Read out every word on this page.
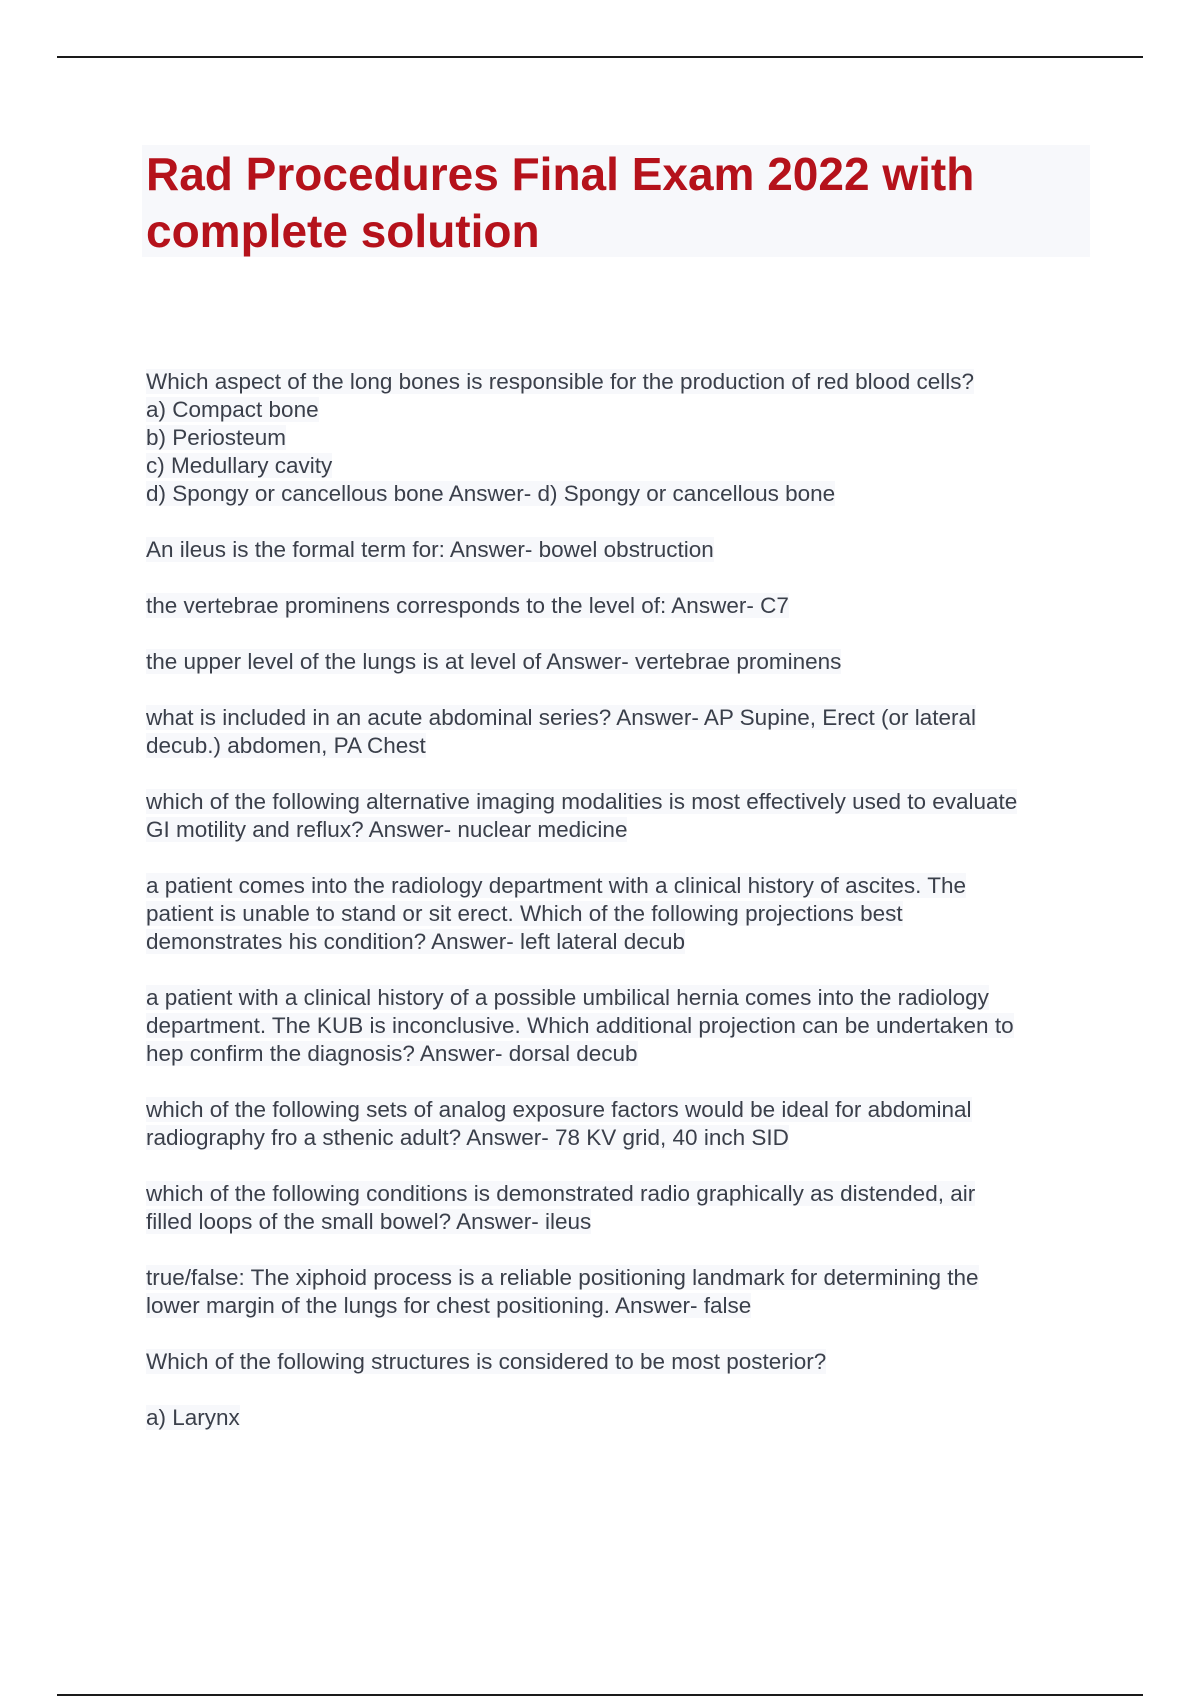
Rad Procedures Final Exam 2022 with
complete solution
Which aspect of the long bones is responsible for the production of red blood cells?
a) Compact bone
b) Periosteum
c) Medullary cavity
d) Spongy or cancellous bone Answer- d) Spongy or cancellous bone
An ileus is the formal term for: Answer- bowel obstruction
the vertebrae prominens corresponds to the level of: Answer- C7
the upper level of the lungs is at level of Answer- vertebrae prominens
what is included in an acute abdominal series? Answer- AP Supine, Erect (or lateral
decub.) abdomen, PA Chest
which of the following alternative imaging modalities is most effectively used to evaluate
GI motility and reflux? Answer- nuclear medicine
a patient comes into the radiology department with a clinical history of ascites. The
patient is unable to stand or sit erect. Which of the following projections best
demonstrates his condition? Answer- left lateral decub
a patient with a clinical history of a possible umbilical hernia comes into the radiology
department. The KUB is inconclusive. Which additional projection can be undertaken to
hep confirm the diagnosis? Answer- dorsal decub
which of the following sets of analog exposure factors would be ideal for abdominal
radiography fro a sthenic adult? Answer- 78 KV grid, 40 inch SID
which of the following conditions is demonstrated radio graphically as distended, air
filled loops of the small bowel? Answer- ileus
true/false: The xiphoid process is a reliable positioning landmark for determining the
lower margin of the lungs for chest positioning. Answer- false
Which of the following structures is considered to be most posterior?
a) Larynx
